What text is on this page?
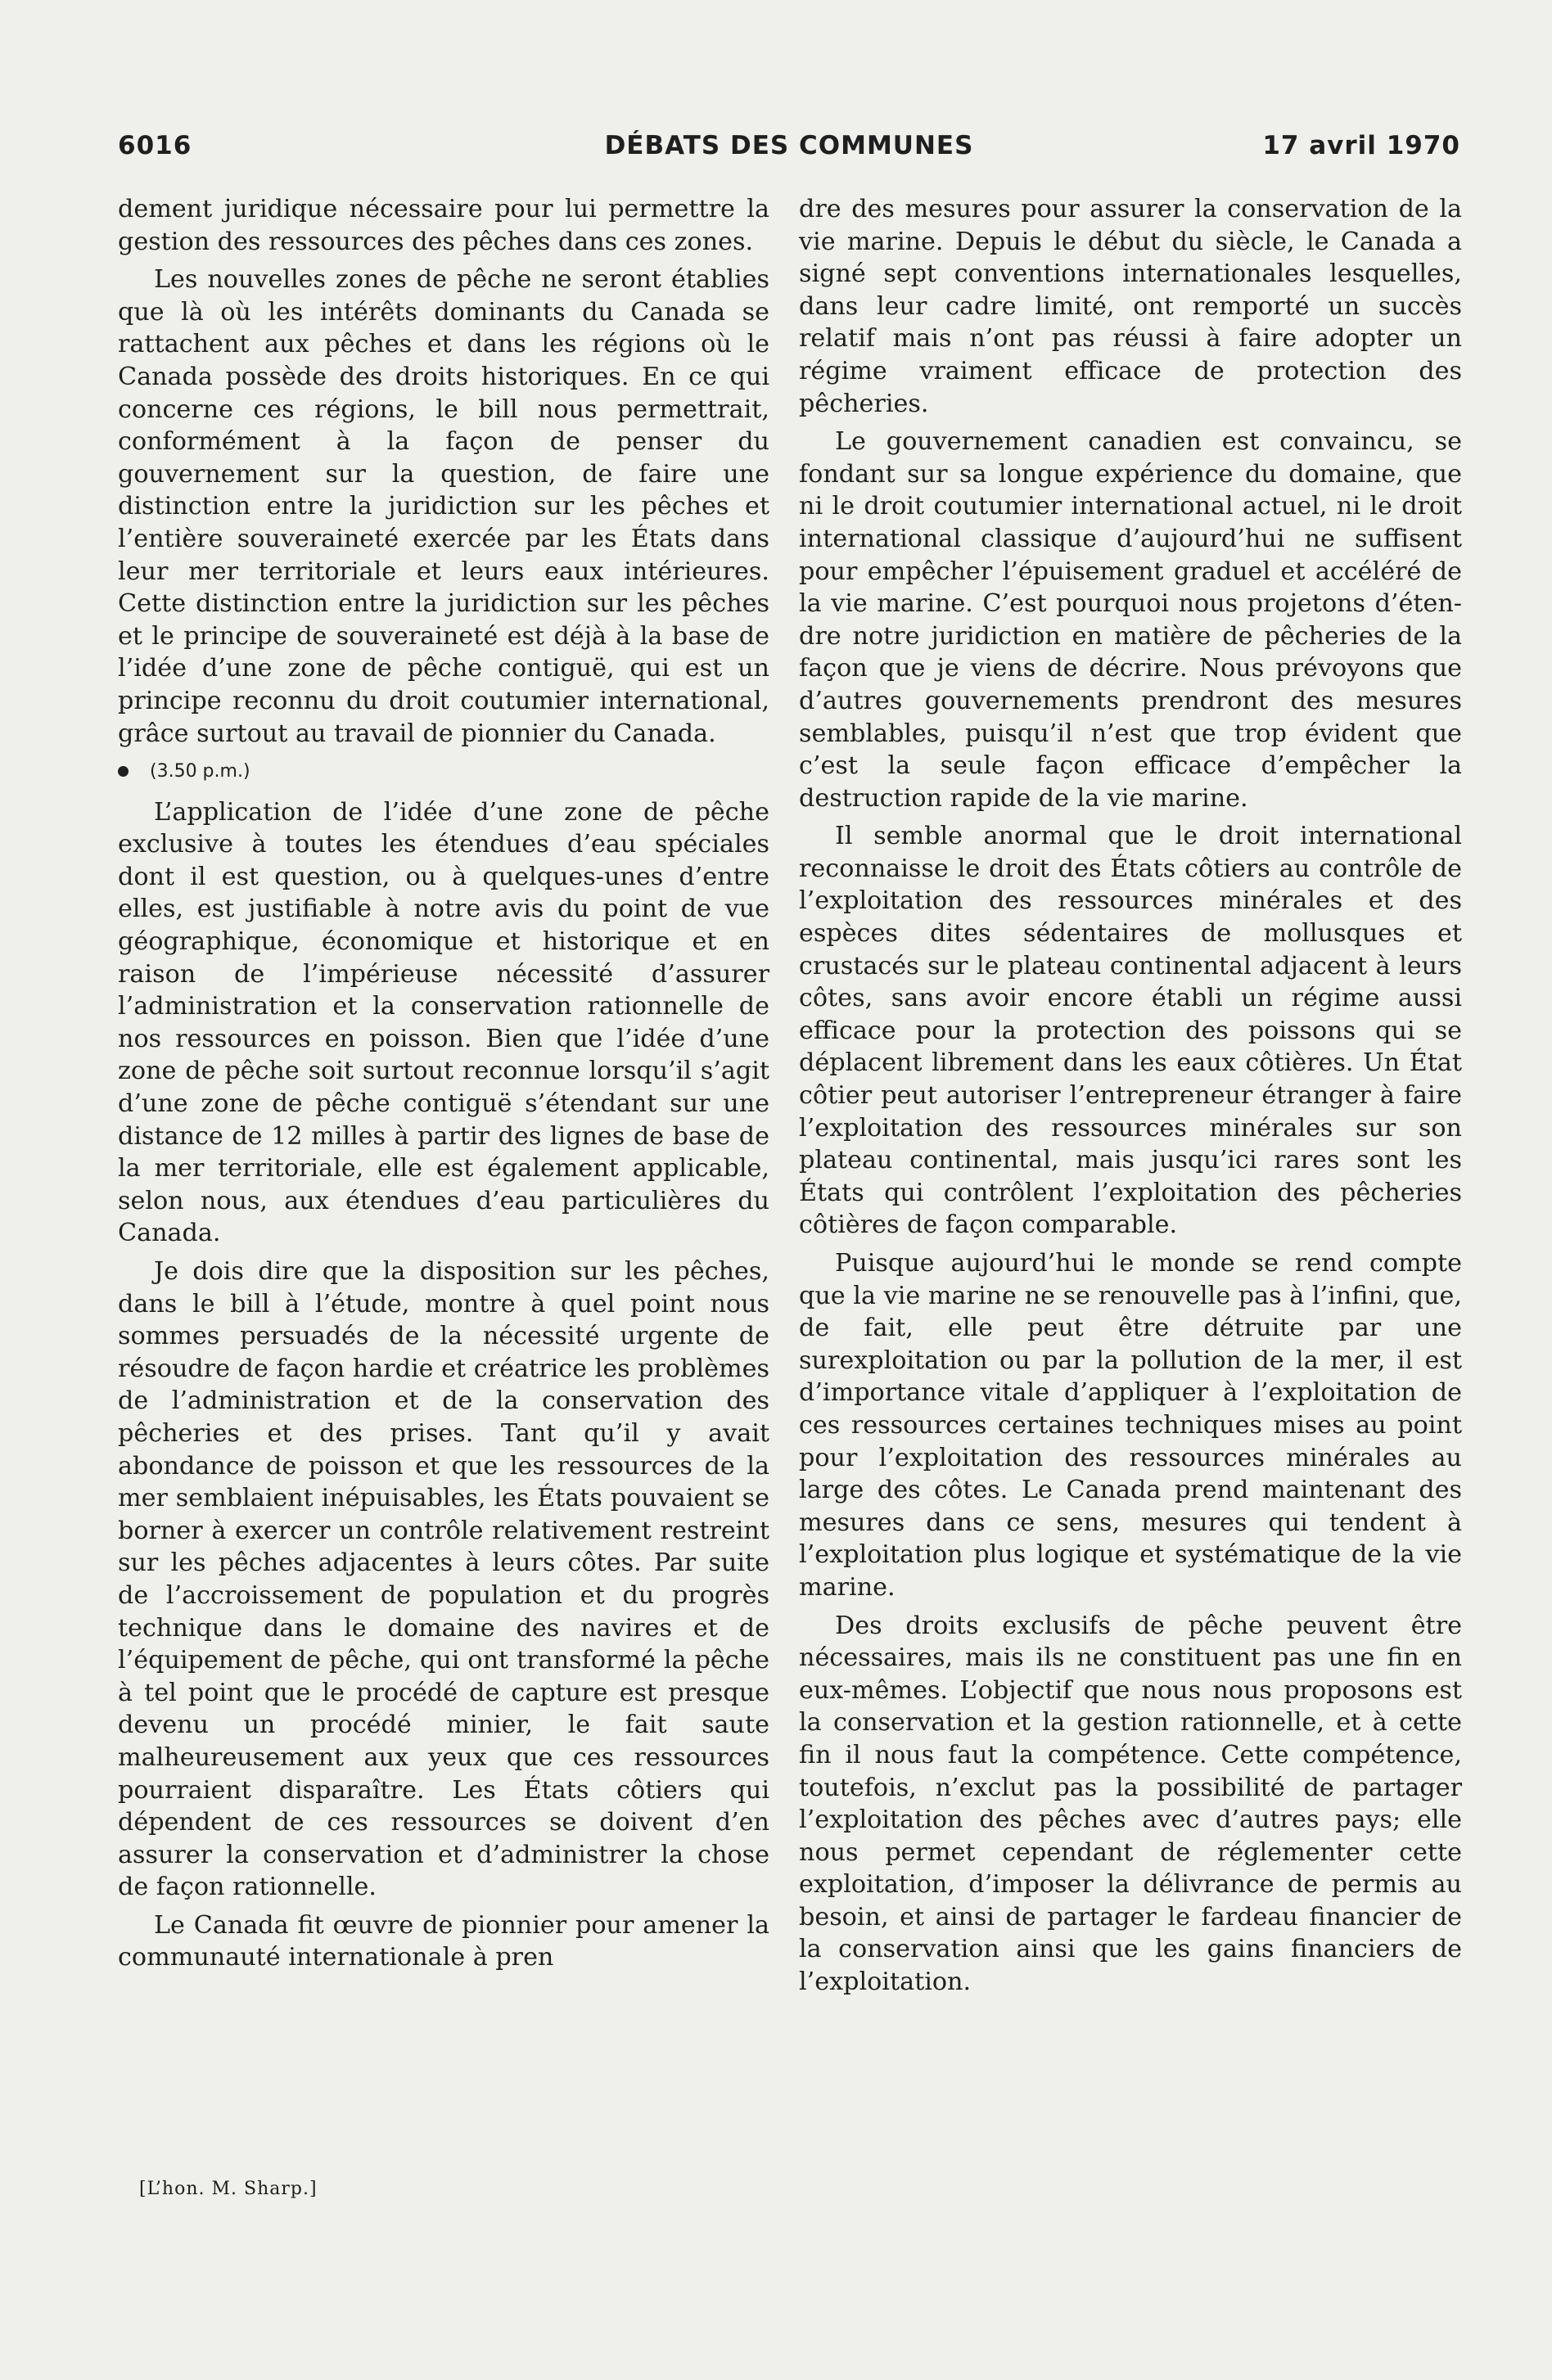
6016	DÉBATS DES COMMUNES	17 avril 1970

dement juridique nécessaire pour lui permettre la gestion des ressources des pêches dans ces zones.

Les nouvelles zones de pêche ne seront établies que là où les intérêts dominants du Canada se rattachent aux pêches et dans les régions où le Canada possède des droits historiques. En ce qui concerne ces régions, le bill nous permettrait, conformément à la façon de penser du gouvernement sur la question, de faire une distinction entre la juridiction sur les pêches et l’entière souveraineté exercée par les États dans leur mer territoriale et leurs eaux intérieures. Cette distinction entre la juridiction sur les pêches et le principe de souveraineté est déjà à la base de l’idée d’une zone de pêche contiguë, qui est un principe reconnu du droit coutumier international, grâce surtout au travail de pionnier du Canada.

(3.50 p.m.)

L’application de l’idée d’une zone de pêche exclusive à toutes les étendues d’eau spéciales dont il est question, ou à quelques-unes d’entre elles, est justifiable à notre avis du point de vue géographique, économique et historique et en raison de l’impérieuse nécessité d’assurer l’administration et la conservation rationnelle de nos ressources en poisson. Bien que l’idée d’une zone de pêche soit surtout reconnue lorsqu’il s’agit d’une zone de pêche contiguë s’étendant sur une distance de 12 milles à partir des lignes de base de la mer territoriale, elle est également applicable, selon nous, aux étendues d’eau particulières du Canada.

Je dois dire que la disposition sur les pêches, dans le bill à l’étude, montre à quel point nous sommes persuadés de la nécessité urgente de résoudre de façon hardie et créatrice les problèmes de l’administration et de la conservation des pêcheries et des prises. Tant qu’il y avait abondance de poisson et que les ressources de la mer semblaient inépuisables, les États pouvaient se borner à exercer un contrôle relativement restreint sur les pêches adjacentes à leurs côtes. Par suite de l’accroissement de population et du progrès technique dans le domaine des navires et de l’équipement de pêche, qui ont transformé la pêche à tel point que le procédé de capture est presque devenu un procédé minier, le fait saute malheureusement aux yeux que ces ressources pourraient disparaître. Les États côtiers qui dépendent de ces ressources se doivent d’en assurer la conservation et d’administrer la chose de façon rationnelle.

Le Canada fit œuvre de pionnier pour amener la communauté internationale à pren

[L’hon. M. Sharp.]

dre des mesures pour assurer la conservation de la vie marine. Depuis le début du siècle, le Canada a signé sept conventions internationales lesquelles, dans leur cadre limité, ont remporté un succès relatif mais n’ont pas réussi à faire adopter un régime vraiment efficace de protection des pêcheries.

Le gouvernement canadien est convaincu, se fondant sur sa longue expérience du domaine, que ni le droit coutumier international actuel, ni le droit international classique d’aujourd’hui ne suffisent pour empêcher l’épuisement graduel et accéléré de la vie marine. C’est pourquoi nous projetons d’étendre notre juridiction en matière de pêcheries de la façon que je viens de décrire. Nous prévoyons que d’autres gouvernements prendront des mesures semblables, puisqu’il n’est que trop évident que c’est la seule façon efficace d’empêcher la destruction rapide de la vie marine.

Il semble anormal que le droit international reconnaisse le droit des États côtiers au contrôle de l’exploitation des ressources minérales et des espèces dites sédentaires de mollusques et crustacés sur le plateau continental adjacent à leurs côtes, sans avoir encore établi un régime aussi efficace pour la protection des poissons qui se déplacent librement dans les eaux côtières. Un État côtier peut autoriser l’entrepreneur étranger à faire l’exploitation des ressources minérales sur son plateau continental, mais jusqu’ici rares sont les États qui contrôlent l’exploitation des pêcheries côtières de façon comparable.

Puisque aujourd’hui le monde se rend compte que la vie marine ne se renouvelle pas à l’infini, que, de fait, elle peut être détruite par une surexploitation ou par la pollution de la mer, il est d’importance vitale d’appliquer à l’exploitation de ces ressources certaines techniques mises au point pour l’exploitation des ressources minérales au large des côtes. Le Canada prend maintenant des mesures dans ce sens, mesures qui tendent à l’exploitation plus logique et systématique de la vie marine.

Des droits exclusifs de pêche peuvent être nécessaires, mais ils ne constituent pas une fin en eux-mêmes. L’objectif que nous nous proposons est la conservation et la gestion rationnelle, et à cette fin il nous faut la compétence. Cette compétence, toutefois, n’exclut pas la possibilité de partager l’exploitation des pêches avec d’autres pays; elle nous permet cependant de réglementer cette exploitation, d’imposer la délivrance de permis au besoin, et ainsi de partager le fardeau financier de la conservation ainsi que les gains financiers de l’exploitation.
